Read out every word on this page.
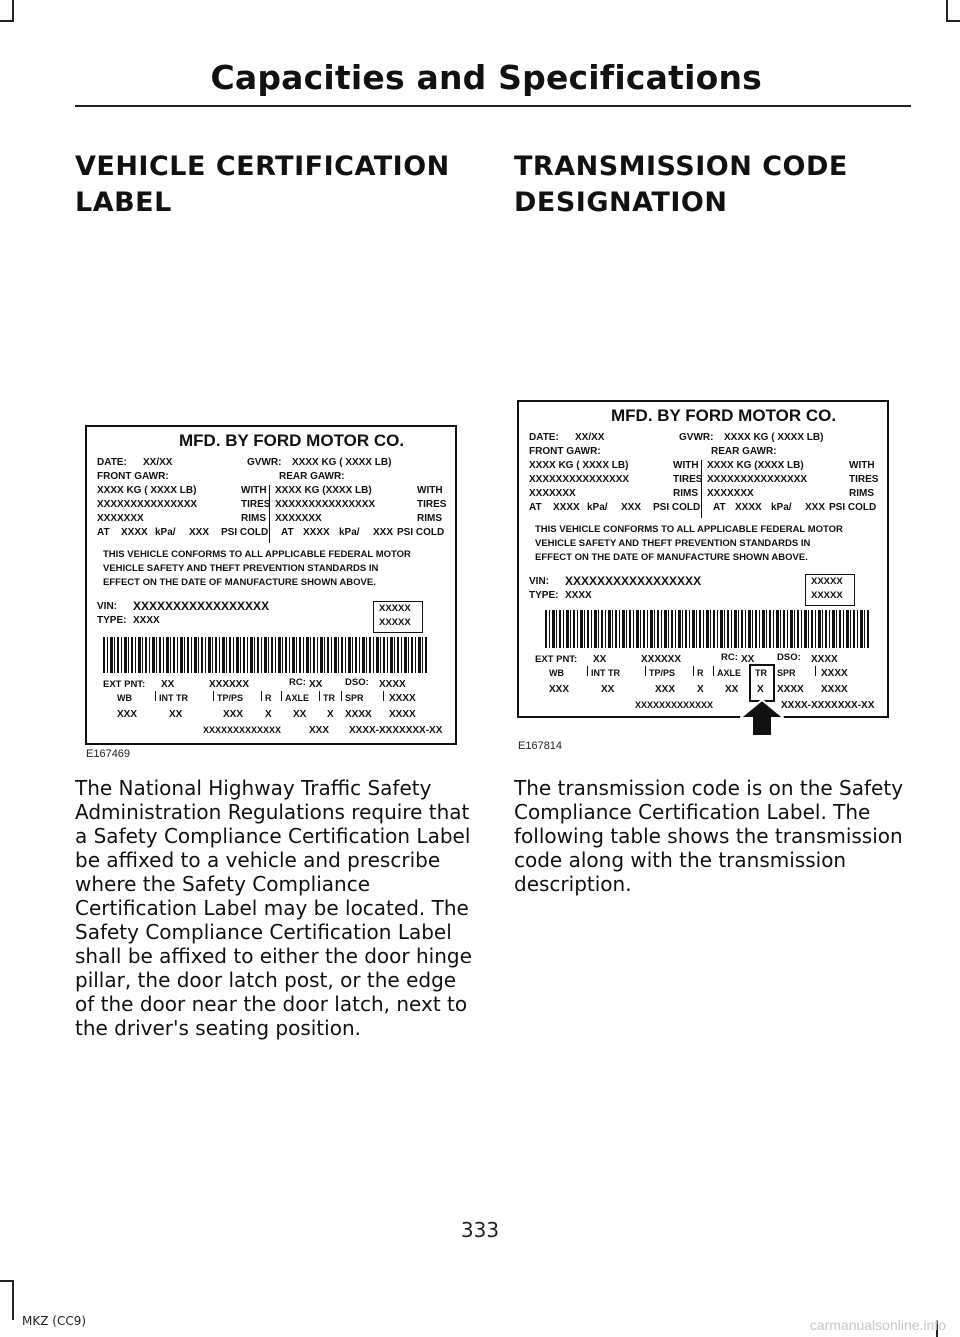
Capacities and Specifications
VEHICLE CERTIFICATION
LABEL
MFD. BY FORD MOTOR CO.
DATE: XX/XX	GVWR: XXXX KG ( XXXX LB)
FRONT GAWR:	REAR GAWR:
XXXX KG ( XXXX LB)	WITH XXXX KG (XXXX LB)	WITH
XXXXXXXXXXXXXXX	TIRES XXXXXXXXXXXXXXX	TIRES
XXXXXXX	RIMS XXXXXXX	RIMS
AT XXXX kPa/ XXX PSI COLD AT XXXX kPa/ XXX PSI COLD
THIS VEHICLE CONFORMS TO ALL APPLICABLE FEDERAL MOTOR
VEHICLE SAFETY AND THEFT PREVENTION STANDARDS IN
EFFECT ON THE DATE OF MANUFACTURE SHOWN ABOVE.
VIN: XXXXXXXXXXXXXXXXX
TYPE: XXXX
XXXXX
XXXXX
EXT PNT: XX	XXXXXX	RC: XX DSO: XXXX
WB	INT TR	TP/PS R AXLE TR SPR	XXXX
XXX	XX	XXX X XX X XXXX XXXX
XXXXXXXXXXXXX	XXX XXXX-XXXXXXX-XX
E167469

The National Highway Traffic Safety Administration Regulations require that a Safety Compliance Certification Label be affixed to a vehicle and prescribe where the Safety Compliance Certification Label may be located. The Safety Compliance Certification Label shall be affixed to either the door hinge pillar, the door latch post, or the edge of the door near the door latch, next to the driver's seating position.

TRANSMISSION CODE
DESIGNATION
MFD. BY FORD MOTOR CO.
DATE: XX/XX	GVWR: XXXX KG ( XXXX LB)
FRONT GAWR:	REAR GAWR:
XXXX KG ( XXXX LB)	WITH XXXX KG (XXXX LB)	WITH
XXXXXXXXXXXXXXX	TIRES XXXXXXXXXXXXXXX	TIRES
XXXXXXX	RIMS XXXXXXX	RIMS
AT XXXX kPa/ XXX PSI COLD AT XXXX kPa/ XXX PSI COLD
THIS VEHICLE CONFORMS TO ALL APPLICABLE FEDERAL MOTOR
VEHICLE SAFETY AND THEFT PREVENTION STANDARDS IN
EFFECT ON THE DATE OF MANUFACTURE SHOWN ABOVE.
VIN: XXXXXXXXXXXXXXXXX
TYPE: XXXX
XXXXX
XXXXX
EXT PNT: XX	XXXXXX	RC: XX DSO: XXXX
WB	INT TR	TP/PS R AXLE TR SPR	XXXX
XXX	XX	XXX X XX X XXXX XXXX
XXXXXXXXXXXXX	XXXX-XXXXXXX-XX
E167814

The transmission code is on the Safety Compliance Certification Label. The following table shows the transmission code along with the transmission description.

333
MKZ (CC9)	carmanualsonline.info
